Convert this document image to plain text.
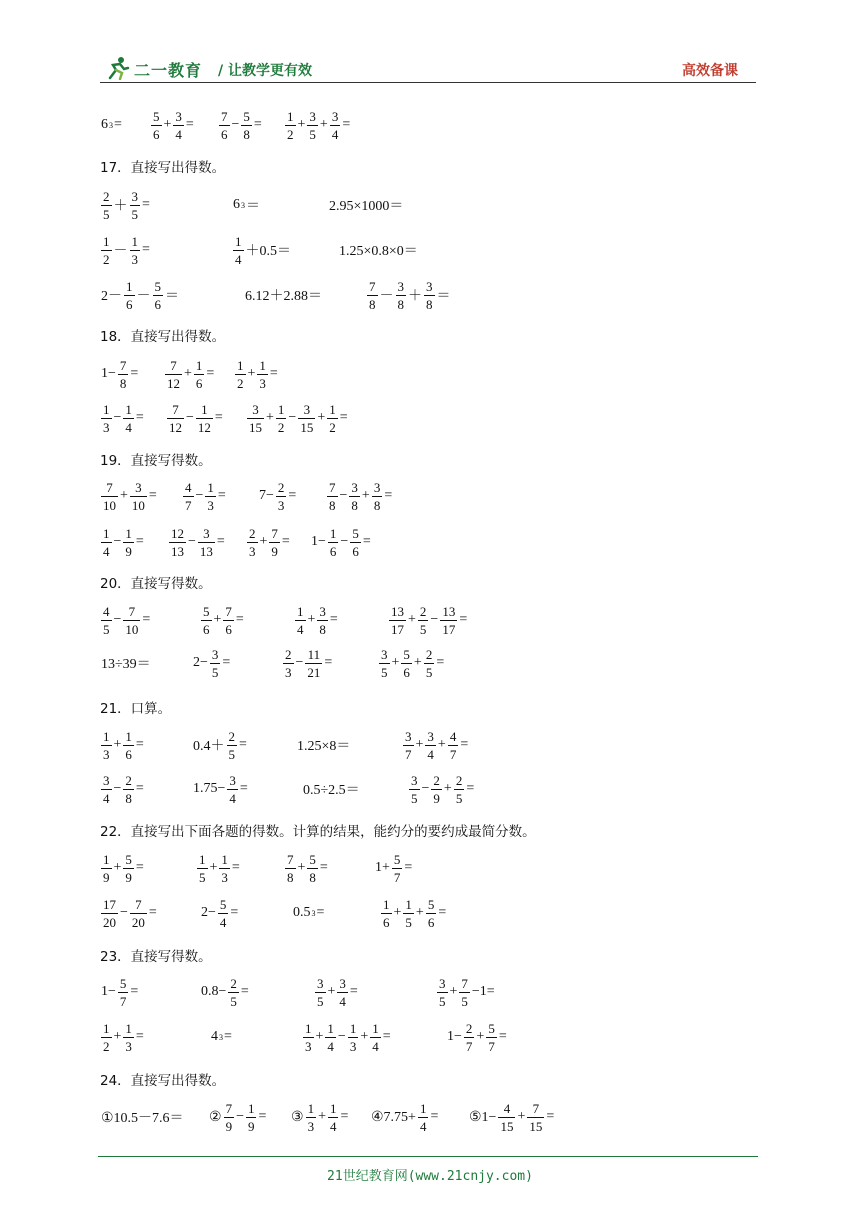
二一教育 / 让教学更有效	高效备课
6 $3 = \frac{5}{6} + \frac{3}{4} = \frac{7}{6} - \frac{5}{8} = \frac{1}{2} + \frac{3}{5} + \frac{3}{4}$ =
17．直接写出得数。
$\frac{2}{5} + \frac{3}{5}$ =	6 3 ＝	2.95×1000＝
$\frac{1}{2} - \frac{1}{3}$ =	$\frac{1}{4} +0.5=$	1.25×0.8×0＝
$2- \frac{1}{6} - \frac{5}{6}$ ＝	6.12＋2.88＝	$\frac{7}{8} - \frac{3}{8} + \frac{3}{8}$ ＝
18．直接写出得数。
$1- \frac{7}{8} = \frac{7}{12} + \frac{1}{6} = \frac{1}{2} + \frac{1}{3}$ =
$\frac{1}{3} - \frac{1}{4} = \frac{7}{12} - \frac{1}{12} = \frac{3}{15} + \frac{1}{2} - \frac{3}{15} + \frac{1}{2}$ =
19．直接写得数。
$\frac{7}{10} + \frac{3}{10} = \frac{4}{7} - \frac{1}{3} = 7- \frac{2}{3} = \frac{7}{8} - \frac{3}{8} + \frac{3}{8}$ =
$\frac{1}{4} - \frac{1}{9} = \frac{12}{13} - \frac{3}{13} = \frac{2}{3} + \frac{7}{9} = 1- \frac{1}{6} - \frac{5}{6}$ =
20．直接写得数。
$\frac{4}{5} - \frac{7}{10}$ =	$\frac{5}{6} + \frac{7}{6}$ =	$\frac{1}{4} + \frac{3}{8}$ =	$\frac{13}{17} + \frac{2}{5} - \frac{13}{17}$ =
13÷39＝	$2- \frac{3}{5}$ =	$\frac{2}{3} - \frac{11}{21}$ =	$\frac{3}{5} + \frac{5}{6} + \frac{2}{5}$ =
21．口算。
$\frac{1}{3} + \frac{1}{6}$ =	$0.4+ \frac{2}{5}$ =	1.25×8＝	$\frac{3}{7} + \frac{3}{4} + \frac{4}{7}$ =
$\frac{3}{4} - \frac{2}{8}$ =	$1.75- \frac{3}{4}$ =	0.5÷2.5＝	$\frac{3}{5} - \frac{2}{9} + \frac{2}{5}$ =
22．直接写出下面各题的得数。计算的结果，能约分的要约成最简分数。
$\frac{1}{9} + \frac{5}{9}$ =	$\frac{1}{5} + \frac{1}{3}$ =	$\frac{7}{8} + \frac{5}{8}$ =	$1+ \frac{5}{7}$ =
$\frac{17}{20} - \frac{7}{20}$ =	$2- \frac{5}{4}$ =	0.5 3 =	$\frac{1}{6} + \frac{1}{5} + \frac{5}{6}$ =
23．直接写得数。
$1- \frac{5}{7}$ =	$0.8- \frac{2}{5}$ =	$\frac{3}{5} + \frac{3}{4}$ =	$\frac{3}{5} + \frac{7}{5} -1=$
$\frac{1}{2} + \frac{1}{3}$ =	4 3 =	$\frac{1}{3} + \frac{1}{4} - \frac{1}{3} + \frac{1}{4}$ =	$1- \frac{2}{7} + \frac{5}{7}$ =
24．直接写出得数。
①10.5－7.6＝ ② $\frac{7}{9} - \frac{1}{9}$ = ③ $\frac{1}{3} + \frac{1}{4}$ = ④7.75+ $\frac{1}{4}$ = ⑤1− $\frac{4}{15} + \frac{7}{15}$ =
21世纪教育网(www.21cnjy.com)
